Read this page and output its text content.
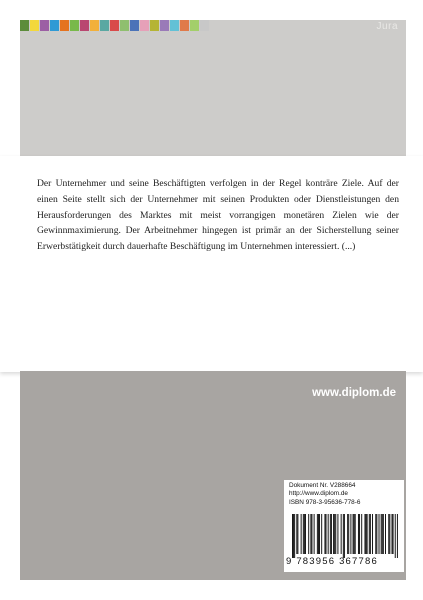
Jura

Der Unternehmer und seine Beschäftigten verfolgen in der Regel konträre Ziele. Auf der einen Seite stellt sich der Unternehmer mit seinen Produkten oder Dienstleistungen den Herausforderungen des Marktes mit meist vorrangigen monetären Zielen wie der Gewinnmaximierung. Der Arbeitnehmer hingegen ist primär an der Sicherstellung seiner Erwerbstätigkeit durch dauerhafte Beschäftigung im Unternehmen interessiert. (...)

www.diplom.de
Dokument Nr. V288664
http://www.diplom.de
ISBN 978-3-95636-778-6
9 783956 367786
